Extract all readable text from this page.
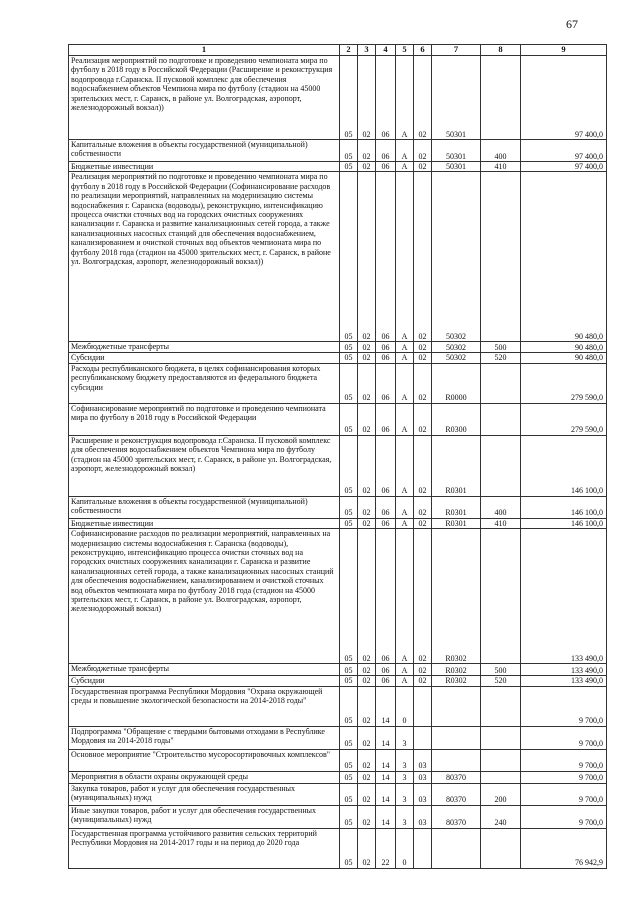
67
1	2	3	4	5	6	7	8	9
Реализация мероприятий по подготовке и проведению чемпионата мира по футболу в 2018 году в Российской Федерации (Расширение и реконструкция водопровода г.Саранска. II пусковой комплекс для обеспечения водоснабжением объектов Чемпиона мира по футболу (стадион на 45000 зрительских мест, г. Саранск, в районе ул. Волгоградская, аэропорт, железнодорожный вокзал))	05	02	06	А	02	50301		97 400,0
Капитальные вложения в объекты государственной (муниципальной) собственности	05	02	06	А	02	50301	400	97 400,0
Бюджетные инвестиции	05	02	06	А	02	50301	410	97 400,0
Реализация мероприятий по подготовке и проведению чемпионата мира по футболу в 2018 году в Российской Федерации (Софинансирование расходов по реализации мероприятий, направленных на модернизацию системы водоснабжения г. Саранска (водоводы), реконструкцию, интенсификацию процесса очистки сточных вод на городских очистных сооружениях канализации г. Саранска и развитие канализационных сетей города, а также канализационных насосных станций для обеспечения водоснабжением, канализированием и очисткой сточных вод объектов чемпионата мира по футболу 2018 года (стадион на 45000 зрительских мест, г. Саранск, в районе ул. Волгоградская, аэропорт, железнодорожный вокзал))	05	02	06	А	02	50302		90 480,0
Межбюджетные трансферты	05	02	06	А	02	50302	500	90 480,0
Субсидии	05	02	06	А	02	50302	520	90 480,0
Расходы республиканского бюджета, в целях софинансирования которых республиканскому бюджету предоставляются из федерального бюджета субсидии	05	02	06	А	02	R0000		279 590,0
Софинансирование мероприятий по подготовке и проведению чемпионата мира по футболу в 2018 году в Российской Федерации	05	02	06	А	02	R0300		279 590,0
Расширение и реконструкция водопровода г.Саранска. II пусковой комплекс для обеспечения водоснабжением объектов Чемпиона мира по футболу (стадион на 45000 зрительских мест, г. Саранск, в районе ул. Волгоградская, аэропорт, железнодорожный вокзал)	05	02	06	А	02	R0301		146 100,0
Капитальные вложения в объекты государственной (муниципальной) собственности	05	02	06	А	02	R0301	400	146 100,0
Бюджетные инвестиции	05	02	06	А	02	R0301	410	146 100,0
Софинансирование расходов по реализации мероприятий, направленных на модернизацию системы водоснабжения г. Саранска (водоводы), реконструкцию, интенсификацию процесса очистки сточных вод на городских очистных сооружениях канализации г. Саранска и развитие канализационных сетей города, а также канализационных насосных станций для обеспечения водоснабжением, канализированием и очисткой сточных вод объектов чемпионата мира по футболу 2018 года (стадион на 45000 зрительских мест, г. Саранск, в районе ул. Волгоградская, аэропорт, железнодорожный вокзал)	05	02	06	А	02	R0302		133 490,0
Межбюджетные трансферты	05	02	06	А	02	R0302	500	133 490,0
Субсидии	05	02	06	А	02	R0302	520	133 490,0
Государственная программа Республики Мордовия "Охрана окружающей среды и повышение экологической безопасности на 2014-2018 годы"	05	02	14	0				9 700,0
Подпрограмма "Обращение с твердыми бытовыми отходами в Республике Мордовия на 2014-2018 годы"	05	02	14	3				9 700,0
Основное мероприятие "Строительство мусоросортировочных комплексов"	05	02	14	3	03			9 700,0
Мероприятия в области охраны окружающей среды	05	02	14	3	03	80370		9 700,0
Закупка товаров, работ и услуг для обеспечения государственных (муниципальных) нужд	05	02	14	3	03	80370	200	9 700,0
Иные закупки товаров, работ и услуг для обеспечения государственных (муниципальных) нужд	05	02	14	3	03	80370	240	9 700,0
Государственная программа устойчивого развития сельских территорий Республики Мордовия на 2014-2017 годы и на период до 2020 года	05	02	22	0				76 942,9
